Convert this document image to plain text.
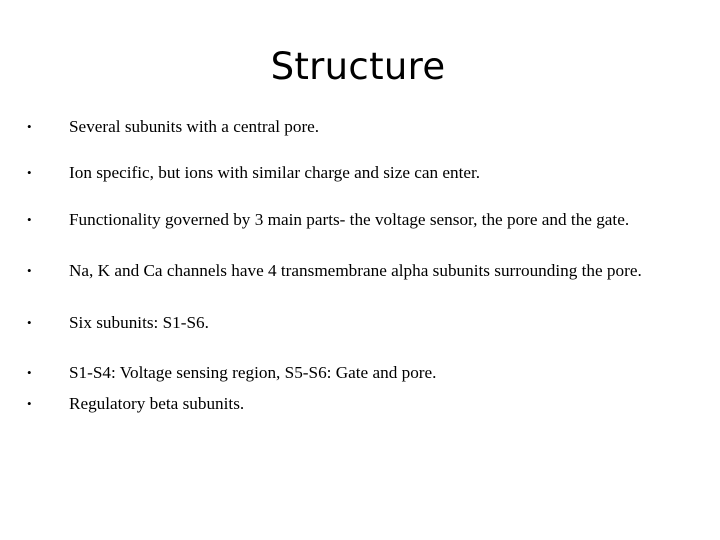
Structure
• Several subunits with a central pore.
• Ion specific, but ions with similar charge and size can enter.
• Functionality governed by 3 main parts- the voltage sensor, the pore and the gate.
• Na, K and Ca channels have 4 transmembrane alpha subunits surrounding the pore.
• Six subunits: S1-S6.
• S1-S4: Voltage sensing region, S5-S6: Gate and pore.
• Regulatory beta subunits.
